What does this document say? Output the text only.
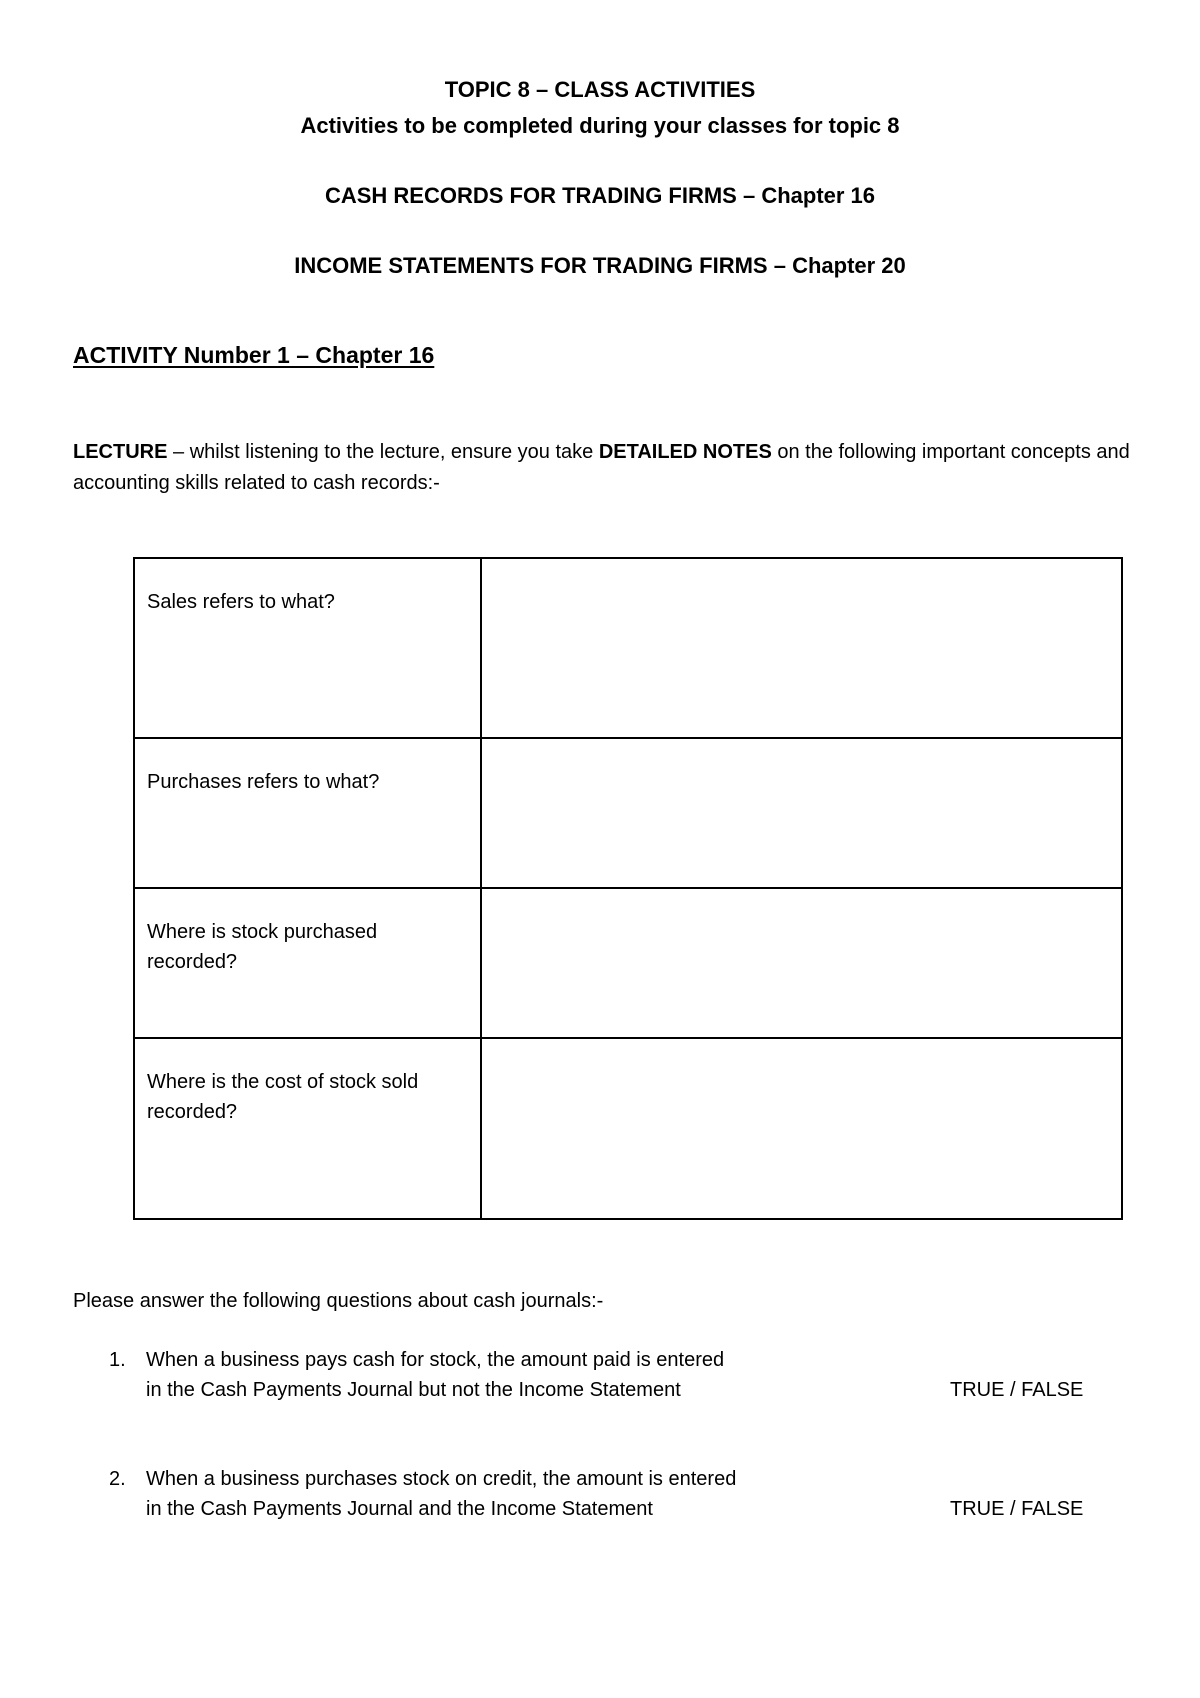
TOPIC 8 – CLASS ACTIVITIES
Activities to be completed during your classes for topic 8
CASH RECORDS FOR TRADING FIRMS – Chapter 16
INCOME STATEMENTS FOR TRADING FIRMS – Chapter 20
ACTIVITY Number 1 – Chapter 16
LECTURE – whilst listening to the lecture, ensure you take DETAILED NOTES on the following important concepts and accounting skills related to cash records:-
Sales refers to what?	
Purchases refers to what?	
Where is stock purchased recorded?	
Where is the cost of stock sold recorded?	
Please answer the following questions about cash journals:-
1. When a business pays cash for stock, the amount paid is entered
in the Cash Payments Journal but not the Income Statement	TRUE / FALSE
2. When a business purchases stock on credit, the amount is entered
in the Cash Payments Journal and the Income Statement	TRUE / FALSE
